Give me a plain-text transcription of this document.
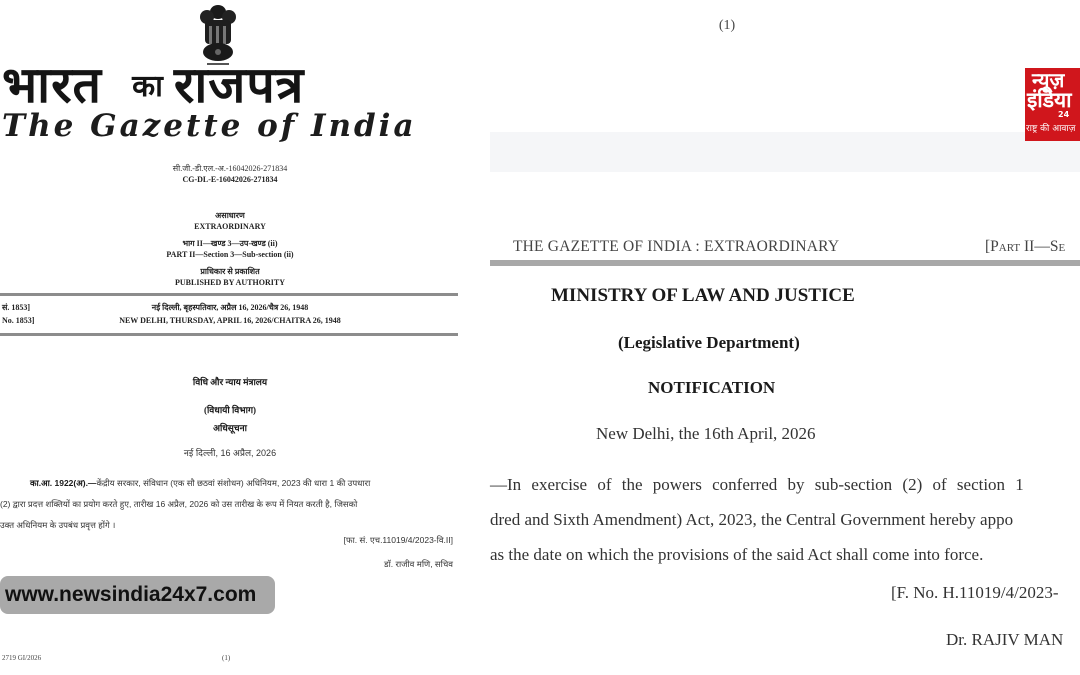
भारत का राजपत्र
The Gazette of India
सी.जी.-डी.एल.-अ.-16042026-271834
CG-DL-E-16042026-271834
असाधारण
EXTRAORDINARY
भाग II—खण्ड 3—उप-खण्ड (ii)
PART II—Section 3—Sub-section (ii)
प्राधिकार से प्रकाशित
PUBLISHED BY AUTHORITY
सं. 1853]
No. 1853]
नई दिल्ली, बृहस्पतिवार, अप्रैल 16, 2026/चैत्र 26, 1948
NEW DELHI, THURSDAY, APRIL 16, 2026/CHAITRA 26, 1948
विधि और न्याय मंत्रालय
(विधायी विभाग)
अधिसूचना
नई दिल्ली, 16 अप्रैल, 2026
का.आ. 1922(अ).—केंद्रीय सरकार, संविधान (एक सौ छठवां संशोधन) अधिनियम, 2023 की धारा 1 की उपधारा
(2) द्वारा प्रदत्त शक्तियों का प्रयोग करते हुए, तारीख 16 अप्रैल, 2026 को उस तारीख के रूप में नियत करती है, जिसको
उक्त अधिनियम के उपबंध प्रवृत्त होंगे ।
[फा. सं. एच.11019/4/2023-वि.II]
डॉ. राजीव मणि, सचिव
2719 GI/2026	(1)
www.newsindia24x7.com
(1)
न्यूज़
इंडिया
24
राष्ट्र की आवाज़
THE GAZETTE OF INDIA : EXTRAORDINARY	[Part II—Se
MINISTRY OF LAW AND JUSTICE
(Legislative Department)
NOTIFICATION
New Delhi, the 16th April, 2026
—In exercise of the powers conferred by sub-section (2) of section 1
dred and Sixth Amendment) Act, 2023, the Central Government hereby appo
as the date on which the provisions of the said Act shall come into force.
[F. No. H.11019/4/2023-
Dr. RAJIV MAN
